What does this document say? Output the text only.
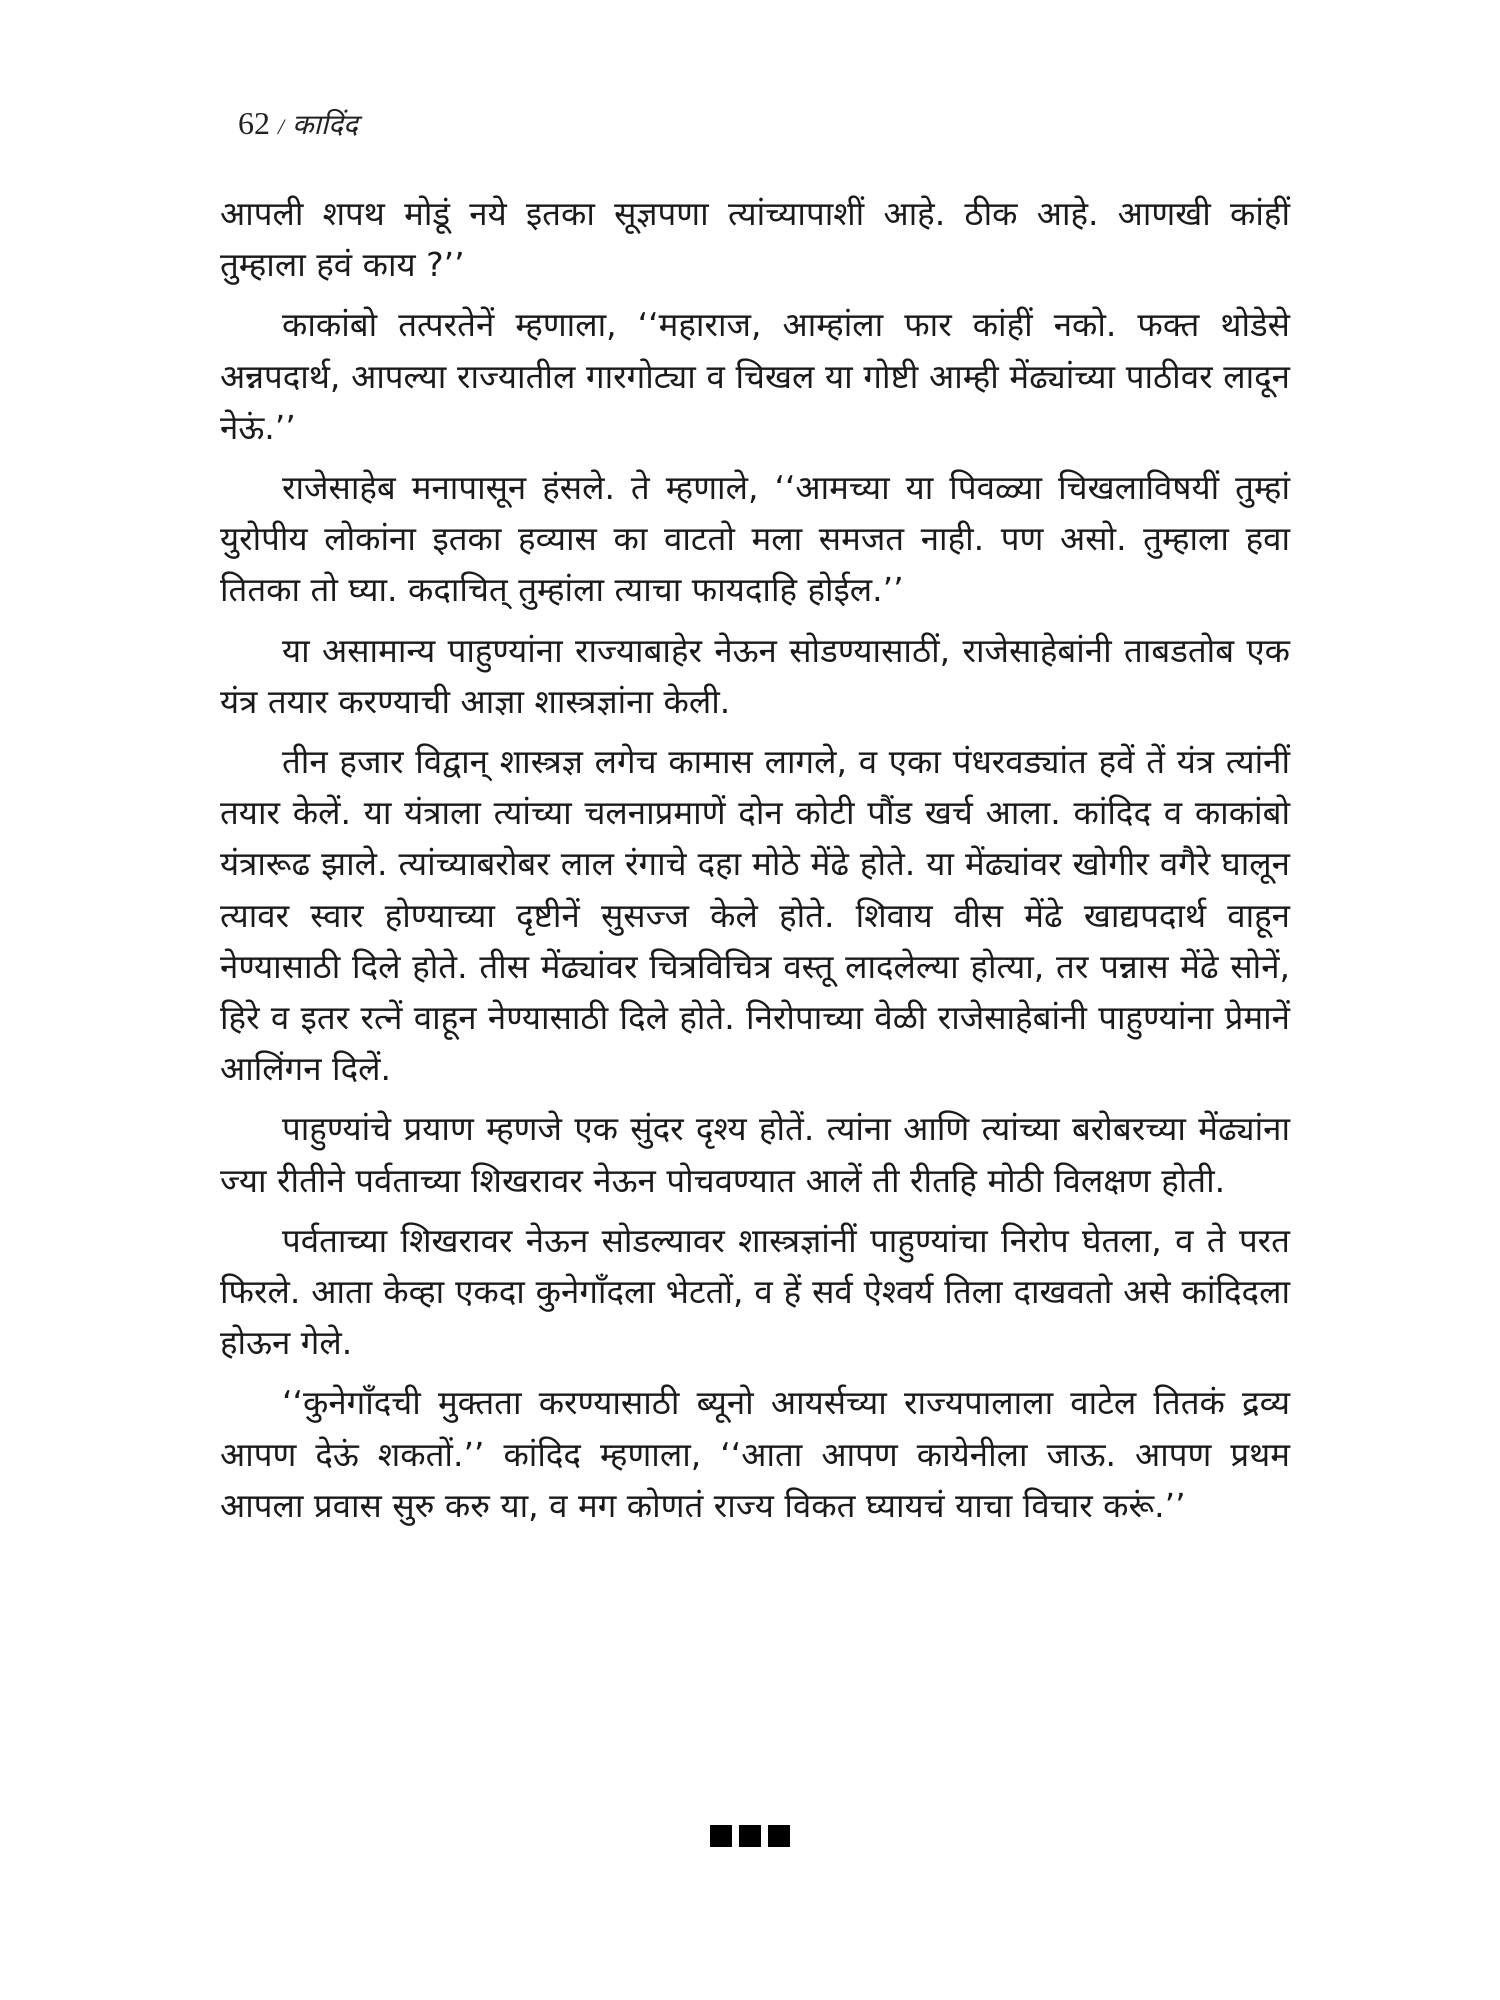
62 / कादिंद

आपली शपथ मोडूं नये इतका सूज्ञपणा त्यांच्यापाशीं आहे. ठीक आहे. आणखी कांहीं तुम्हाला हवं काय ?’’

काकांबो तत्परतेनें म्हणाला, ‘‘महाराज, आम्हांला फार कांहीं नको. फक्त थोडेसे अन्नपदार्थ, आपल्या राज्यातील गारगोट्या व चिखल या गोष्टी आम्ही मेंढ्यांच्या पाठीवर लादून नेऊं.’’

राजेसाहेब मनापासून हंसले. ते म्हणाले, ‘‘आमच्या या पिवळ्या चिखलाविषयीं तुम्हां युरोपीय लोकांना इतका हव्यास का वाटतो मला समजत नाही. पण असो. तुम्हाला हवा तितका तो घ्या. कदाचित् तुम्हांला त्याचा फायदाहि होईल.’’

या असामान्य पाहुण्यांना राज्याबाहेर नेऊन सोडण्यासाठीं, राजेसाहेबांनी ताबडतोब एक यंत्र तयार करण्याची आज्ञा शास्त्रज्ञांना केली.

तीन हजार विद्वान् शास्त्रज्ञ लगेच कामास लागले, व एका पंधरवड्यांत हवें तें यंत्र त्यांनीं तयार केलें. या यंत्राला त्यांच्या चलनाप्रमाणें दोन कोटी पौंड खर्च आला. कांदिद व काकांबो यंत्रारूढ झाले. त्यांच्याबरोबर लाल रंगाचे दहा मोठे मेंढे होते. या मेंढ्यांवर खोगीर वगैरे घालून त्यावर स्वार होण्याच्या दृष्टीनें सुसज्ज केले होते. शिवाय वीस मेंढे खाद्यपदार्थ वाहून नेण्यासाठी दिले होते. तीस मेंढ्यांवर चित्रविचित्र वस्तू लादलेल्या होत्या, तर पन्नास मेंढे सोनें, हिरे व इतर रत्नें वाहून नेण्यासाठी दिले होते. निरोपाच्या वेळी राजेसाहेबांनी पाहुण्यांना प्रेमानें आलिंगन दिलें.

पाहुण्यांचे प्रयाण म्हणजे एक सुंदर दृश्य होतें. त्यांना आणि त्यांच्या बरोबरच्या मेंढ्यांना ज्या रीतीने पर्वताच्या शिखरावर नेऊन पोचवण्यात आलें ती रीतहि मोठी विलक्षण होती.

पर्वताच्या शिखरावर नेऊन सोडल्यावर शास्त्रज्ञांनीं पाहुण्यांचा निरोप घेतला, व ते परत फिरले. आता केव्हा एकदा कुनेगाँदला भेटतों, व हें सर्व ऐश्वर्य तिला दाखवतो असे कांदिदला होऊन गेले.

‘‘कुनेगाँदची मुक्तता करण्यासाठी ब्यूनो आयर्सच्या राज्यपालाला वाटेल तितकं द्रव्य आपण देऊं शकतों.’’ कांदिद म्हणाला, ‘‘आता आपण कायेनीला जाऊ. आपण प्रथम आपला प्रवास सुरु करु या, व मग कोणतं राज्य विकत घ्यायचं याचा विचार करूं.’’
